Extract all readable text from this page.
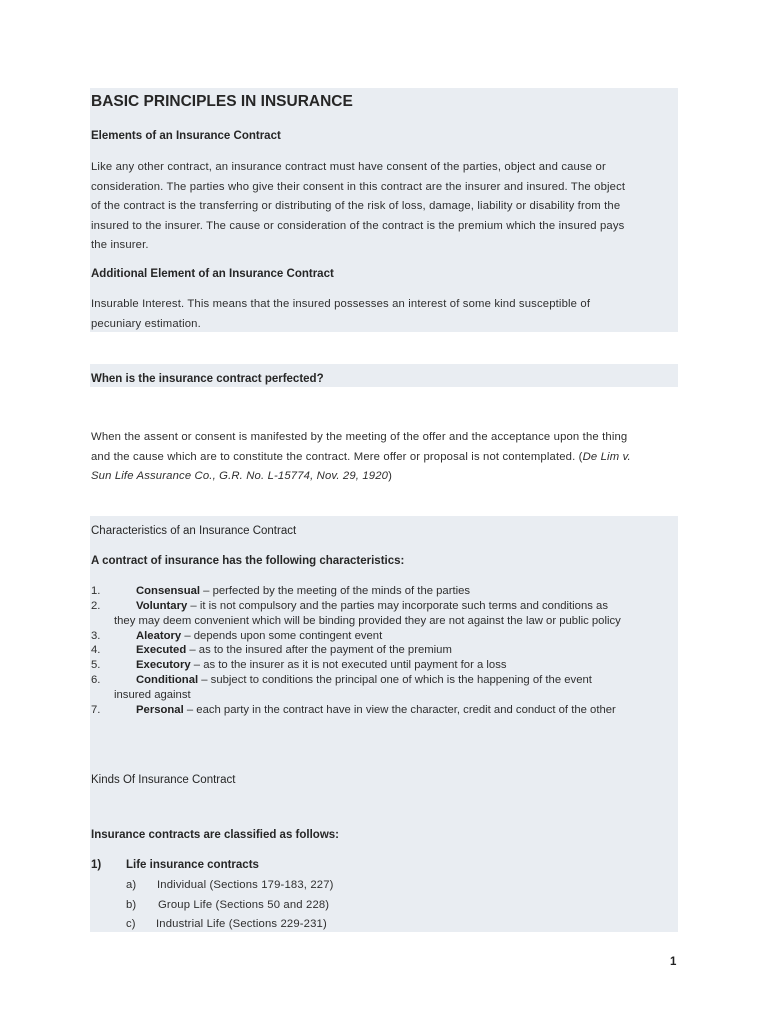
BASIC PRINCIPLES IN INSURANCE
Elements of an Insurance Contract
Like any other contract, an insurance contract must have consent of the parties, object and cause or
consideration. The parties who give their consent in this contract are the insurer and insured. The object
of the contract is the transferring or distributing of the risk of loss, damage, liability or disability from the
insured to the insurer. The cause or consideration of the contract is the premium which the insured pays
the insurer.
Additional Element of an Insurance Contract
Insurable Interest. This means that the insured possesses an interest of some kind susceptible of
pecuniary estimation.
When is the insurance contract perfected?
When the assent or consent is manifested by the meeting of the offer and the acceptance upon the thing
and the cause which are to constitute the contract. Mere offer or proposal is not contemplated. (De Lim v.
Sun Life Assurance Co., G.R. No. L-15774, Nov. 29, 1920)
Characteristics of an Insurance Contract
A contract of insurance has the following characteristics:
1.	Consensual – perfected by the meeting of the minds of the parties
2.	Voluntary – it is not compulsory and the parties may incorporate such terms and conditions as
they may deem convenient which will be binding provided they are not against the law or public policy
3.	Aleatory – depends upon some contingent event
4.	Executed – as to the insured after the payment of the premium
5.	Executory – as to the insurer as it is not executed until payment for a loss
6.	Conditional – subject to conditions the principal one of which is the happening of the event
insured against
7.	Personal – each party in the contract have in view the character, credit and conduct of the other
Kinds Of Insurance Contract
Insurance contracts are classified as follows:
1) Life insurance contracts
a) Individual (Sections 179-183, 227)
b) Group Life (Sections 50 and 228)
c) Industrial Life (Sections 229-231)
1
